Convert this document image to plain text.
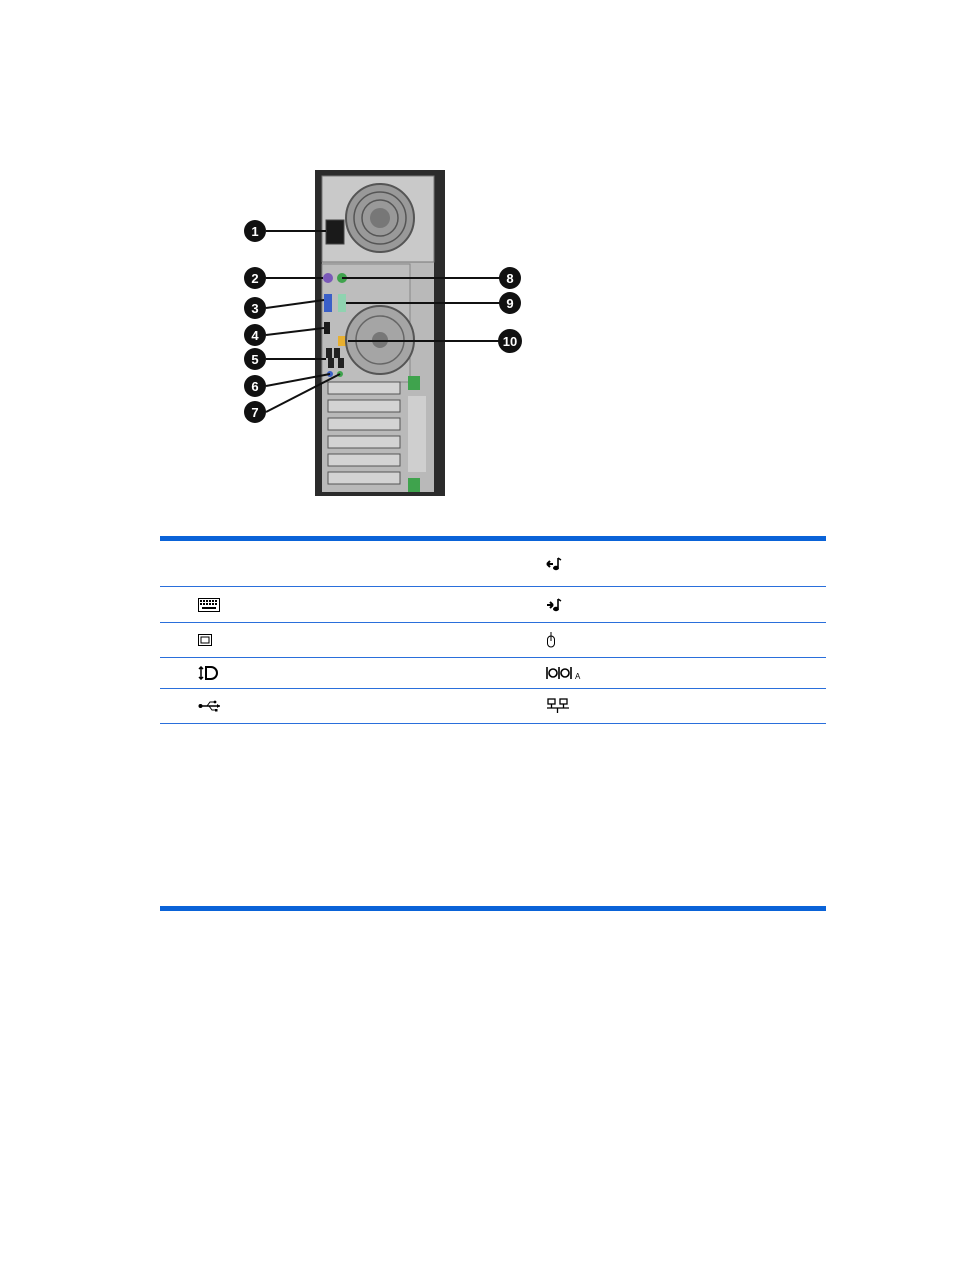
1
2
3
4
5
6
7
8
9
10
A
